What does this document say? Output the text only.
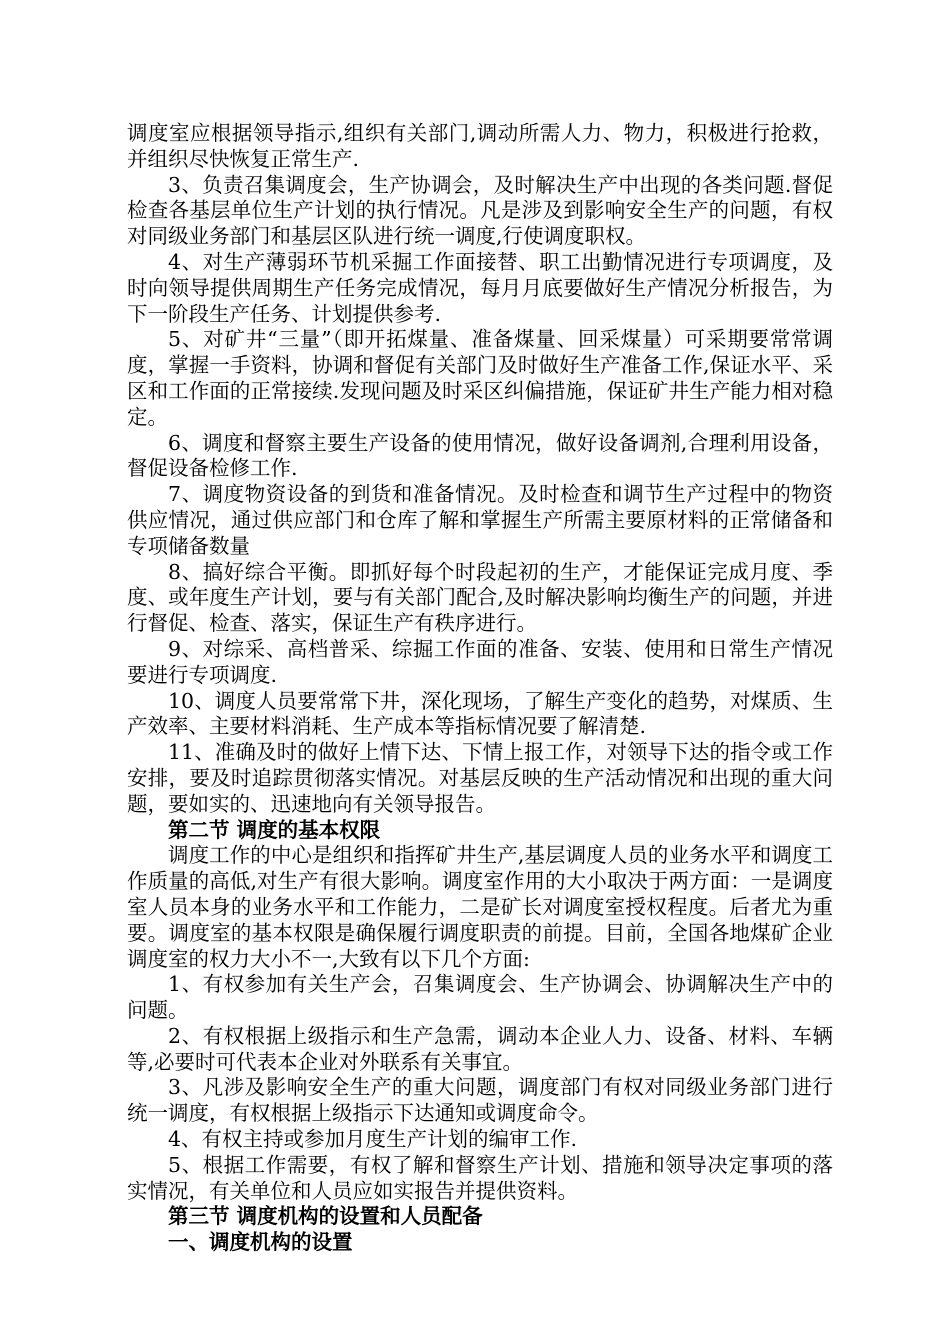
调度室应根据领导指示,组织有关部门,调动所需人力、物力，积极进行抢救，并组织尽快恢复正常生产.

3、负责召集调度会，生产协调会，及时解决生产中出现的各类问题.督促检查各基层单位生产计划的执行情况。凡是涉及到影响安全生产的问题，有权对同级业务部门和基层区队进行统一调度,行使调度职权。

4、对生产薄弱环节机采掘工作面接替、职工出勤情况进行专项调度，及时向领导提供周期生产任务完成情况，每月月底要做好生产情况分析报告，为下一阶段生产任务、计划提供参考.

5、对矿井“三量”（即开拓煤量、准备煤量、回采煤量）可采期要常常调度，掌握一手资料，协调和督促有关部门及时做好生产准备工作,保证水平、采区和工作面的正常接续.发现问题及时采区纠偏措施，保证矿井生产能力相对稳定。

6、调度和督察主要生产设备的使用情况，做好设备调剂,合理利用设备，督促设备检修工作.

7、调度物资设备的到货和准备情况。及时检查和调节生产过程中的物资供应情况，通过供应部门和仓库了解和掌握生产所需主要原材料的正常储备和专项储备数量

8、搞好综合平衡。即抓好每个时段起初的生产，才能保证完成月度、季度、或年度生产计划，要与有关部门配合,及时解决影响均衡生产的问题，并进行督促、检查、落实，保证生产有秩序进行。

9、对综采、高档普采、综掘工作面的准备、安装、使用和日常生产情况要进行专项调度.

10、调度人员要常常下井，深化现场，了解生产变化的趋势，对煤质、生产效率、主要材料消耗、生产成本等指标情况要了解清楚.

11、准确及时的做好上情下达、下情上报工作，对领导下达的指令或工作安排，要及时追踪贯彻落实情况。对基层反映的生产活动情况和出现的重大问题，要如实的、迅速地向有关领导报告。

第二节 调度的基本权限

调度工作的中心是组织和指挥矿井生产,基层调度人员的业务水平和调度工作质量的高低,对生产有很大影响。调度室作用的大小取决于两方面：一是调度室人员本身的业务水平和工作能力，二是矿长对调度室授权程度。后者尤为重要。调度室的基本权限是确保履行调度职责的前提。目前，全国各地煤矿企业调度室的权力大小不一,大致有以下几个方面:

1、有权参加有关生产会，召集调度会、生产协调会、协调解决生产中的问题。

2、有权根据上级指示和生产急需，调动本企业人力、设备、材料、车辆等,必要时可代表本企业对外联系有关事宜。

3、凡涉及影响安全生产的重大问题，调度部门有权对同级业务部门进行统一调度，有权根据上级指示下达通知或调度命令。

4、有权主持或参加月度生产计划的编审工作.

5、根据工作需要，有权了解和督察生产计划、措施和领导决定事项的落实情况，有关单位和人员应如实报告并提供资料。

第三节 调度机构的设置和人员配备

一、调度机构的设置
